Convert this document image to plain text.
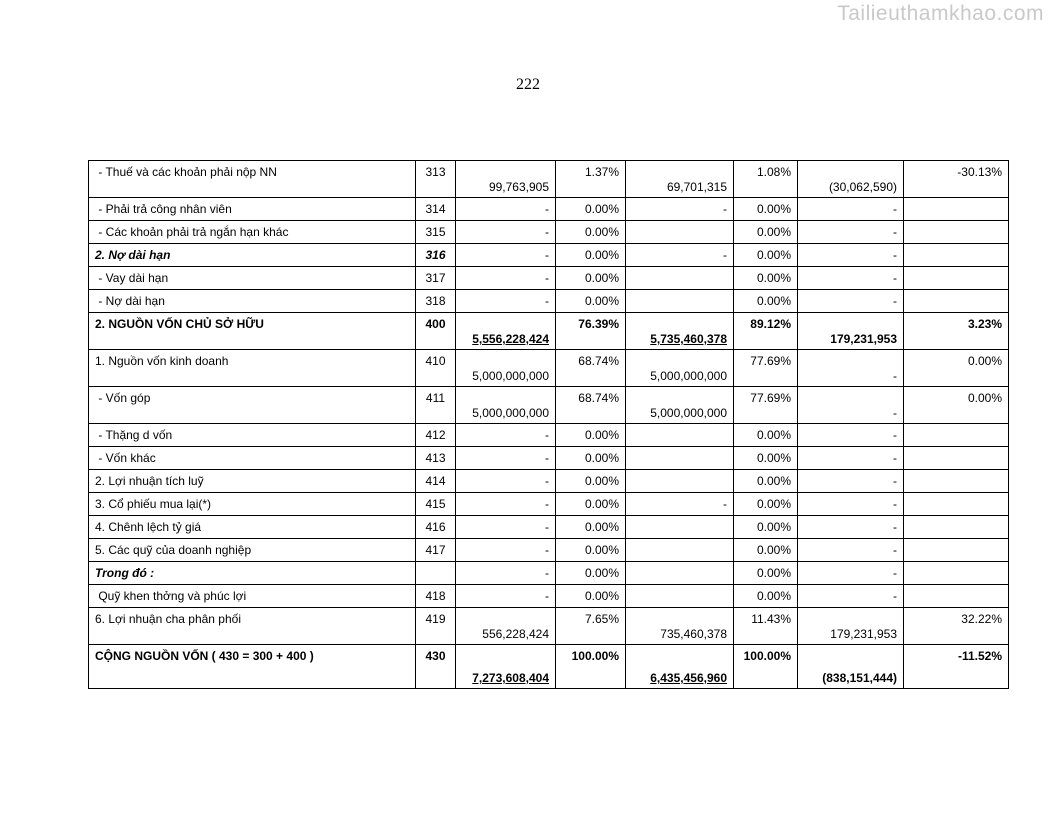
Tailieuthamkhao.com
222
- Thuế và các khoản phải nộp NN	313	99,763,905	1.37%	69,701,315	1.08%	(30,062,590)	-30.13%
- Phải trả công nhân viên	314	-	0.00%	-	0.00%	-	
- Các khoản phải trả ngắn hạn khác	315	-	0.00%		0.00%	-	
2. Nợ dài hạn	316	-	0.00%	-	0.00%	-	
- Vay dài hạn	317	-	0.00%		0.00%	-	
- Nợ dài hạn	318	-	0.00%		0.00%	-	
2. NGUỒN VỐN CHỦ SỞ HỮU	400	5,556,228,424	76.39%	5,735,460,378	89.12%	179,231,953	3.23%
1. Nguồn vốn kinh doanh	410	5,000,000,000	68.74%	5,000,000,000	77.69%	-	0.00%
- Vốn góp	411	5,000,000,000	68.74%	5,000,000,000	77.69%	-	0.00%
- Thặng d vốn	412	-	0.00%		0.00%	-	
- Vốn khác	413	-	0.00%		0.00%	-	
2. Lợi nhuận tích luỹ	414	-	0.00%		0.00%	-	
3. Cổ phiếu mua lại(*)	415	-	0.00%	-	0.00%	-	
4. Chênh lệch tỷ giá	416	-	0.00%		0.00%	-	
5. Các quỹ của doanh nghiệp	417	-	0.00%		0.00%	-	
Trong đó :		-	0.00%		0.00%	-	
Quỹ khen thởng và phúc lợi	418	-	0.00%		0.00%	-	
6. Lợi nhuận cha phân phối	419	556,228,424	7.65%	735,460,378	11.43%	179,231,953	32.22%
CỘNG NGUỒN VỐN ( 430 = 300 + 400 )	430	7,273,608,404	100.00%	6,435,456,960	100.00%	(838,151,444)	-11.52%
